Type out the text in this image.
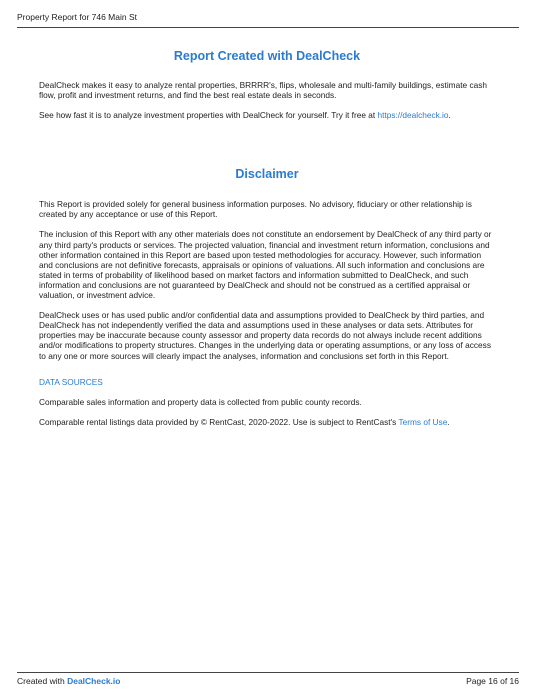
Property Report for 746 Main St
Report Created with DealCheck

DealCheck makes it easy to analyze rental properties, BRRRR's, flips, wholesale and multi-family buildings, estimate cash flow, profit and investment returns, and find the best real estate deals in seconds.

See how fast it is to analyze investment properties with DealCheck for yourself. Try it free at https://dealcheck.io.

Disclaimer

This Report is provided solely for general business information purposes. No advisory, fiduciary or other relationship is created by any acceptance or use of this Report.

The inclusion of this Report with any other materials does not constitute an endorsement by DealCheck of any third party or any third party's products or services. The projected valuation, financial and investment return information, conclusions and other information contained in this Report are based upon tested methodologies for accuracy. However, such information and conclusions are not definitive forecasts, appraisals or opinions of valuations. All such information and conclusions are stated in terms of probability of likelihood based on market factors and information submitted to DealCheck, and such information and conclusions are not guaranteed by DealCheck and should not be construed as a certified appraisal or valuation, or investment advice.

DealCheck uses or has used public and/or confidential data and assumptions provided to DealCheck by third parties, and DealCheck has not independently verified the data and assumptions used in these analyses or data sets. Attributes for properties may be inaccurate because county assessor and property data records do not always include recent additions and/or modifications to property structures. Changes in the underlying data or operating assumptions, or any loss of access to any one or more sources will clearly impact the analyses, information and conclusions set forth in this Report.

DATA SOURCES

Comparable sales information and property data is collected from public county records.

Comparable rental listings data provided by © RentCast, 2020-2022. Use is subject to RentCast's Terms of Use.

Created with DealCheck.io	Page 16 of 16
